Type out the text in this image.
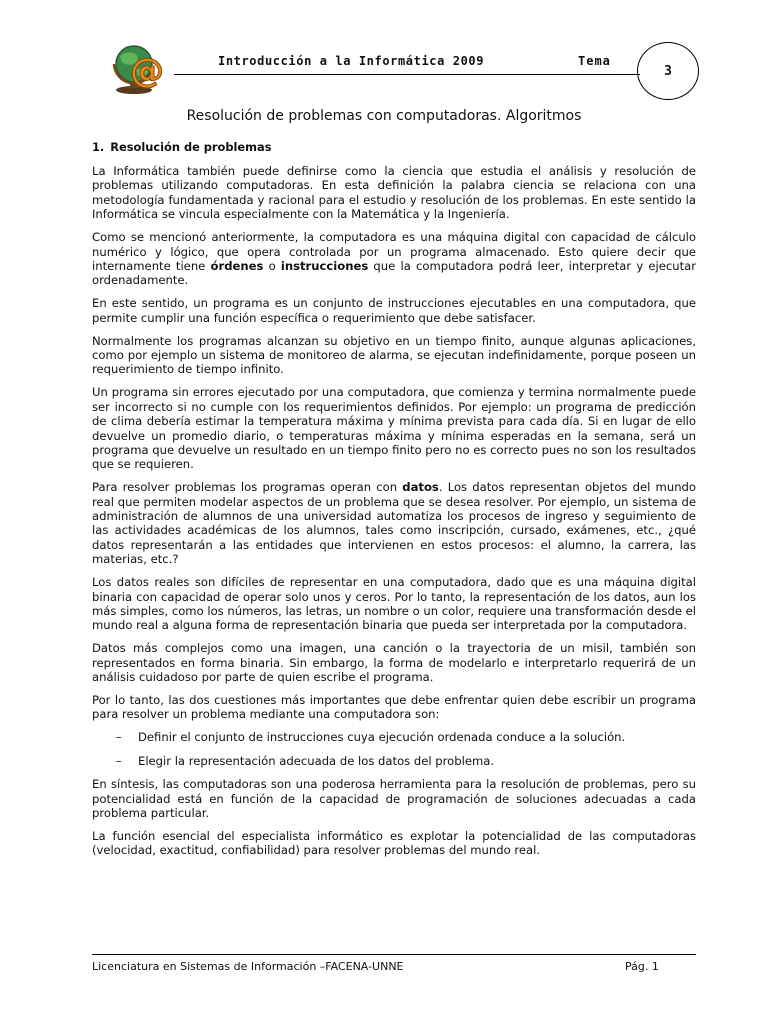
@	Introducción a la Informática 2009	Tema
3
Resolución de problemas con computadoras. Algoritmos
1. Resolución de problemas

La Informática también puede definirse como la ciencia que estudia el análisis y resolución de problemas utilizando computadoras. En esta definición la palabra ciencia se relaciona con una metodología fundamentada y racional para el estudio y resolución de los problemas. En este sentido la Informática se vincula especialmente con la Matemática y la Ingeniería.

Como se mencionó anteriormente, la computadora es una máquina digital con capacidad de cálculo numérico y lógico, que opera controlada por un programa almacenado. Esto quiere decir que internamente tiene órdenes o instrucciones que la computadora podrá leer, interpretar y ejecutar ordenadamente.

En este sentido, un programa es un conjunto de instrucciones ejecutables en una computadora, que permite cumplir una función específica o requerimiento que debe satisfacer.

Normalmente los programas alcanzan su objetivo en un tiempo finito, aunque algunas aplicaciones, como por ejemplo un sistema de monitoreo de alarma, se ejecutan indefinidamente, porque poseen un requerimiento de tiempo infinito.

Un programa sin errores ejecutado por una computadora, que comienza y termina normalmente puede ser incorrecto si no cumple con los requerimientos definidos. Por ejemplo: un programa de predicción de clima debería estimar la temperatura máxima y mínima prevista para cada día. Si en lugar de ello devuelve un promedio diario, o temperaturas máxima y mínima esperadas en la semana, será un programa que devuelve un resultado en un tiempo finito pero no es correcto pues no son los resultados que se requieren.

Para resolver problemas los programas operan con datos. Los datos representan objetos del mundo real que permiten modelar aspectos de un problema que se desea resolver. Por ejemplo, un sistema de administración de alumnos de una universidad automatiza los procesos de ingreso y seguimiento de las actividades académicas de los alumnos, tales como inscripción, cursado, exámenes, etc., ¿qué datos representarán a las entidades que intervienen en estos procesos: el alumno, la carrera, las materias, etc.?

Los datos reales son difíciles de representar en una computadora, dado que es una máquina digital binaria con capacidad de operar solo unos y ceros. Por lo tanto, la representación de los datos, aun los más simples, como los números, las letras, un nombre o un color, requiere una transformación desde el mundo real a alguna forma de representación binaria que pueda ser interpretada por la computadora.

Datos más complejos como una imagen, una canción o la trayectoria de un misil, también son representados en forma binaria. Sin embargo, la forma de modelarlo e interpretarlo requerirá de un análisis cuidadoso por parte de quien escribe el programa.

Por lo tanto, las dos cuestiones más importantes que debe enfrentar quien debe escribir un programa para resolver un problema mediante una computadora son:

– Definir el conjunto de instrucciones cuya ejecución ordenada conduce a la solución.
– Elegir la representación adecuada de los datos del problema.

En síntesis, las computadoras son una poderosa herramienta para la resolución de problemas, pero su potencialidad está en función de la capacidad de programación de soluciones adecuadas a cada problema particular.

La función esencial del especialista informático es explotar la potencialidad de las computadoras (velocidad, exactitud, confiabilidad) para resolver problemas del mundo real.

Licenciatura en Sistemas de Información –FACENA-UNNE	Pág. 1
